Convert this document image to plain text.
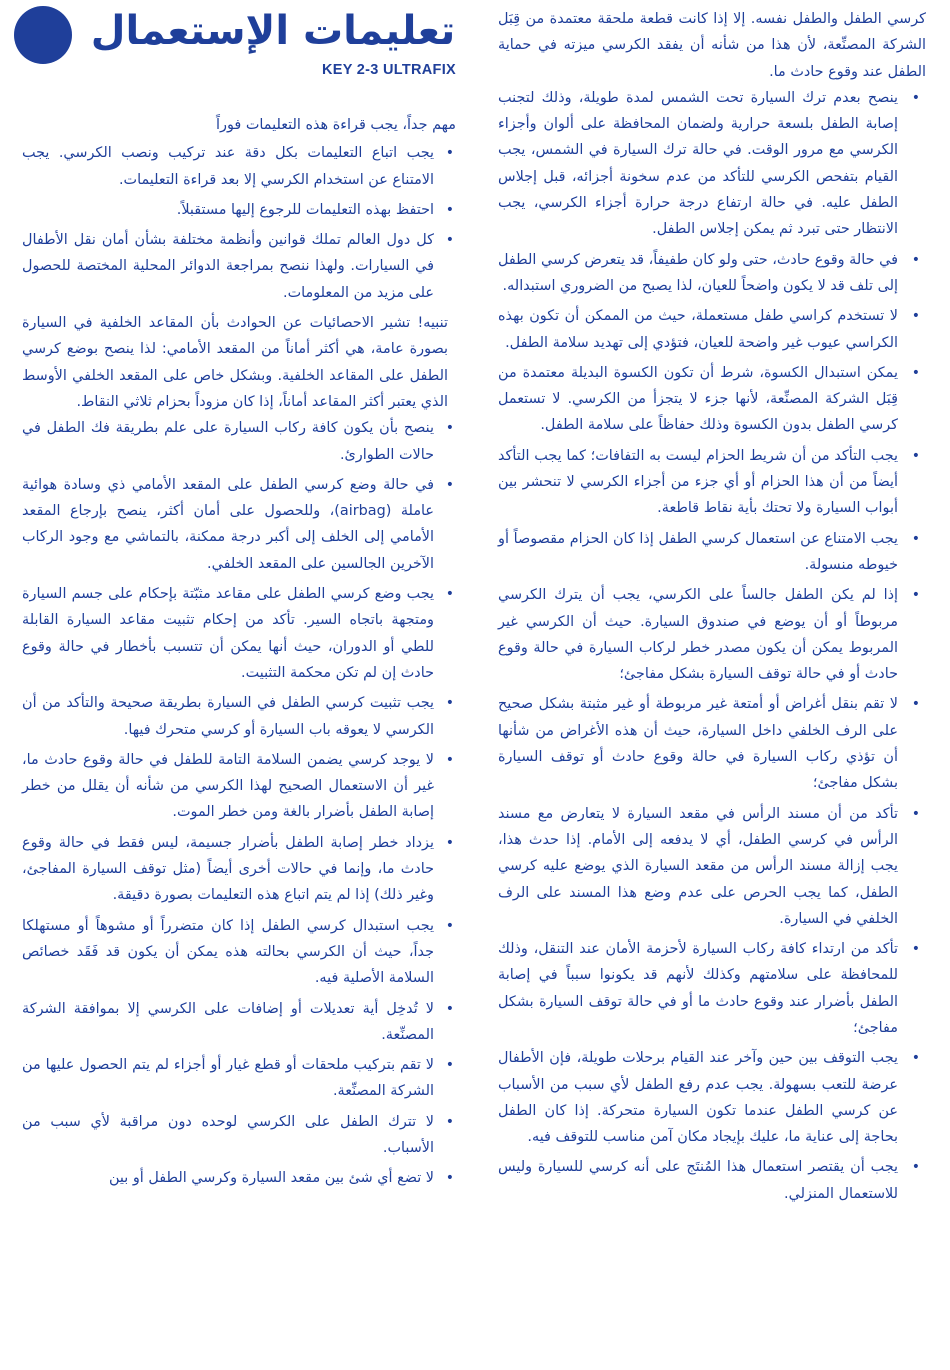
تعليمات الإستعمال
KEY 2-3 ULTRAFIX

كرسي الطفل والطفل نفسه. إلا إذا كانت قطعة ملحقة معتمدة من قِبَل الشركة المصنِّعة، لأن هذا من شأنه أن يفقد الكرسي ميزته في حماية الطفل عند وقوع حادث ما.

•
ينصح بعدم ترك السيارة تحت الشمس لمدة طويلة، وذلك لتجنب إصابة الطفل بلسعة حرارية ولضمان المحافظة على ألوان وأجزاء الكرسي مع مرور الوقت. في حالة ترك السيارة في الشمس، يجب القيام بتفحص الكرسي للتأكد من عدم سخونة أجزائه، قبل إجلاس الطفل عليه. في حالة ارتفاع درجة حرارة أجزاء الكرسي، يجب الانتظار حتى تبرد ثم يمكن إجلاس الطفل.
•
في حالة وقوع حادث، حتى ولو كان طفيفاً، قد يتعرض كرسي الطفل إلى تلف قد لا يكون واضحاً للعيان، لذا يصبح من الضروري استبداله.
•
لا تستخدم كراسي طفل مستعملة، حيث من الممكن أن تكون بهذه الكراسي عيوب غير واضحة للعيان، فتؤدي إلى تهديد سلامة الطفل.
•
يمكن استبدال الكسوة، شرط أن تكون الكسوة البديلة معتمدة من قِبَل الشركة المصنِّعة، لأنها جزء لا يتجزأ من الكرسي. لا تستعمل كرسي الطفل بدون الكسوة وذلك حفاظاً على سلامة الطفل.
•
يجب التأكد من أن شريط الحزام ليست به التفافات؛ كما يجب التأكد أيضاً من أن هذا الحزام أو أي جزء من أجزاء الكرسي لا تنحشر بين أبواب السيارة ولا تحتك بأية نقاط قاطعة.
•
يجب الامتناع عن استعمال كرسي الطفل إذا كان الحزام مقصوصاً أو خيوطه منسولة.
•
إذا لم يكن الطفل جالساً على الكرسي، يجب أن يترك الكرسي مربوطاً أو أن يوضع في صندوق السيارة. حيث أن الكرسي غير المربوط يمكن أن يكون مصدر خطر لركاب السيارة في حالة وقوع حادث أو في حالة توقف السيارة بشكل مفاجئ؛
•
لا تقم بنقل أغراض أو أمتعة غير مربوطة أو غير مثبتة بشكل صحيح على الرف الخلفي داخل السيارة، حيث أن هذه الأغراض من شأنها أن تؤذي ركاب السيارة في حالة وقوع حادث أو توقف السيارة بشكل مفاجئ؛
•
تأكد من أن مسند الرأس في مقعد السيارة لا يتعارض مع مسند الرأس في كرسي الطفل، أي لا يدفعه إلى الأمام. إذا حدث هذا، يجب إزالة مسند الرأس من مقعد السيارة الذي يوضع عليه كرسي الطفل، كما يجب الحرص على عدم وضع هذا المسند على الرف الخلفي في السيارة.
•
تأكد من ارتداء كافة ركاب السيارة لأحزمة الأمان عند التنقل، وذلك للمحافظة على سلامتهم وكذلك لأنهم قد يكونوا سبباً في إصابة الطفل بأضرار عند وقوع حادث ما أو في حالة توقف السيارة بشكل مفاجئ؛
•
يجب التوقف بين حين وآخر عند القيام برحلات طويلة، فإن الأطفال عرضة للتعب بسهولة. يجب عدم رفع الطفل لأي سبب من الأسباب عن كرسي الطفل عندما تكون السيارة متحركة. إذا كان الطفل بحاجة إلى عناية ما، عليك بإيجاد مكان آمن مناسب للتوقف فيه.
•
يجب أن يقتصر استعمال هذا المُنتَج على أنه كرسي للسيارة وليس للاستعمال المنزلي.

مهم جداً، يجب قراءة هذه التعليمات فوراً

•
يجب اتباع التعليمات بكل دقة عند تركيب ونصب الكرسي. يجب الامتناع عن استخدام الكرسي إلا بعد قراءة التعليمات.
•
احتفظ بهذه التعليمات للرجوع إليها مستقبلاً.
•
كل دول العالم تملك قوانين وأنظمة مختلفة بشأن أمان نقل الأطفال في السيارات. ولهذا ننصح بمراجعة الدوائر المحلية المختصة للحصول على مزيد من المعلومات.

تنبيه! تشير الاحصائيات عن الحوادث بأن المقاعد الخلفية في السيارة بصورة عامة، هي أكثر أماناً من المقعد الأمامي: لذا ينصح بوضع كرسي الطفل على المقاعد الخلفية. وبشكل خاص على المقعد الخلفي الأوسط الذي يعتبر أكثر المقاعد أماناً، إذا كان مزوداً بحزام ثلاثي النقاط.

•
ينصح بأن يكون كافة ركاب السيارة على علم بطريقة فك الطفل في حالات الطوارئ.
•
في حالة وضع كرسي الطفل على المقعد الأمامي ذي وسادة هوائية عاملة (airbag)، وللحصول على أمان أكثر، ينصح بإرجاع المقعد الأمامي إلى الخلف إلى أكبر درجة ممكنة، بالتماشي مع وجود الركاب الآخرين الجالسين على المقعد الخلفي.
•
يجب وضع كرسي الطفل على مقاعد مثبّتة بإحكام على جسم السيارة ومتجهة باتجاه السير. تأكد من إحكام تثبيت مقاعد السيارة القابلة للطي أو الدوران، حيث أنها يمكن أن تتسبب بأخطار في حالة وقوع حادث إن لم تكن محكمة التثبيت.
•
يجب تثبيت كرسي الطفل في السيارة بطريقة صحيحة والتأكد من أن الكرسي لا يعوقه باب السيارة أو كرسي متحرك فيها.
•
لا يوجد كرسي يضمن السلامة التامة للطفل في حالة وقوع حادث ما، غير أن الاستعمال الصحيح لهذا الكرسي من شأنه أن يقلل من خطر إصابة الطفل بأضرار بالغة ومن خطر الموت.
•
يزداد خطر إصابة الطفل بأضرار جسيمة، ليس فقط في حالة وقوع حادث ما، وإنما في حالات أخرى أيضاً (مثل توقف السيارة المفاجئ، وغير ذلك) إذا لم يتم اتباع هذه التعليمات بصورة دقيقة.
•
يجب استبدال كرسي الطفل إذا كان متضرراً أو مشوهاً أو مستهلكا جداً، حيث أن الكرسي بحالته هذه يمكن أن يكون قد فَقَد خصائص السلامة الأصلية فيه.
•
لا تُدخِل أية تعديلات أو إضافات على الكرسي إلا بموافقة الشركة المصنِّعة.
•
لا تقم بتركيب ملحقات أو قطع غيار أو أجزاء لم يتم الحصول عليها من الشركة المصنِّعة.
•
لا تترك الطفل على الكرسي لوحده دون مراقبة لأي سبب من الأسباب.
•
لا تضع أي شئ بين مقعد السيارة وكرسي الطفل أو بين
